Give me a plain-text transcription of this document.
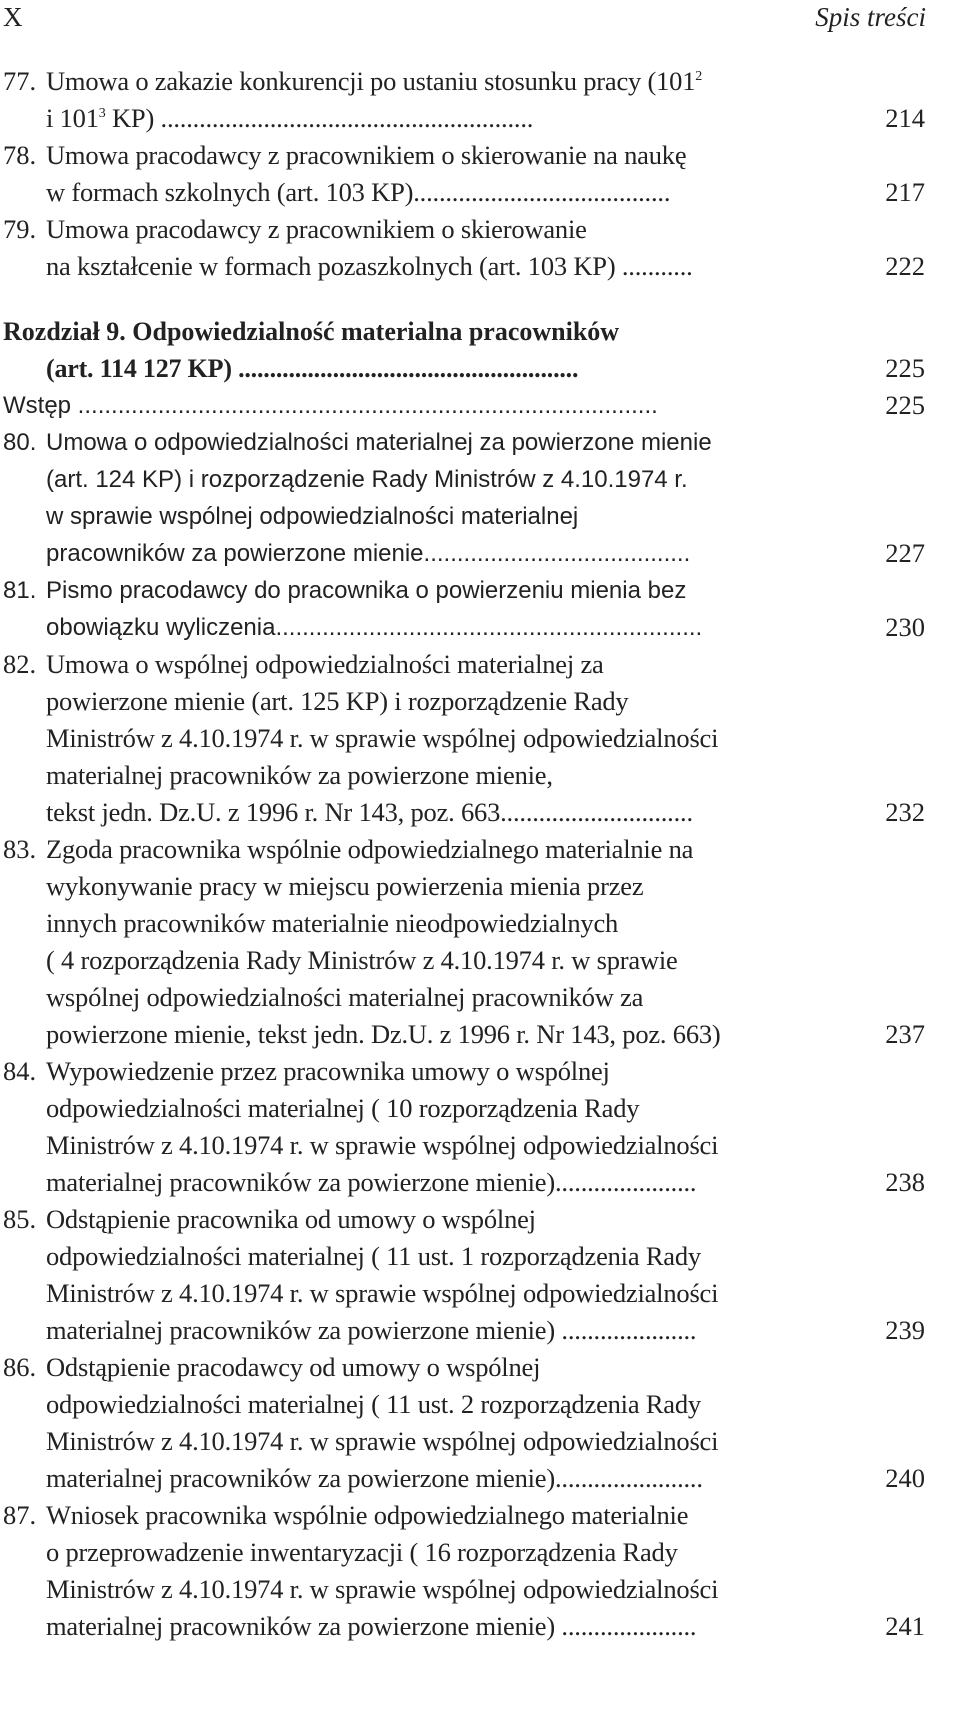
X	Spis treści
77. Umowa o zakazie konkurencji po ustaniu stosunku pracy ($101^2$
i $101^3$ KP) ..........................................................	214
78. Umowa pracodawcy z pracownikiem o skierowanie na naukę
w formach szkolnych (art. 103 KP)........................................	217
79. Umowa pracodawcy z pracownikiem o skierowanie
na kształcenie w formach pozaszkolnych (art. 103 KP) ...........	222
Rozdział 9. Odpowiedzialność materialna pracowników
(art. 114 127 KP) ......................................................	225
Wstęp .......................................................................................	225
80. Umowa o odpowiedzialności materialnej za powierzone mienie
(art. 124 KP) i rozporządzenie Rady Ministrów z 4.10.1974 r.
w sprawie wspólnej odpowiedzialności materialnej
pracowników za powierzone mienie........................................	227
81. Pismo pracodawcy do pracownika o powierzeniu mienia bez
obowiązku wyliczenia................................................................	230
82. Umowa o wspólnej odpowiedzialności materialnej za
powierzone mienie (art. 125 KP) i rozporządzenie Rady
Ministrów z 4.10.1974 r. w sprawie wspólnej odpowiedzialności
materialnej pracowników za powierzone mienie,
tekst jedn. Dz.U. z 1996 r. Nr 143, poz. 663..............................	232
83. Zgoda pracownika wspólnie odpowiedzialnego materialnie na
wykonywanie pracy w miejscu powierzenia mienia przez
innych pracowników materialnie nieodpowiedzialnych
( 4 rozporządzenia Rady Ministrów z 4.10.1974 r. w sprawie
wspólnej odpowiedzialności materialnej pracowników za
powierzone mienie, tekst jedn. Dz.U. z 1996 r. Nr 143, poz. 663)	237
84. Wypowiedzenie przez pracownika umowy o wspólnej
odpowiedzialności materialnej ( 10 rozporządzenia Rady
Ministrów z 4.10.1974 r. w sprawie wspólnej odpowiedzialności
materialnej pracowników za powierzone mienie)......................	238
85. Odstąpienie pracownika od umowy o wspólnej
odpowiedzialności materialnej ( 11 ust. 1 rozporządzenia Rady
Ministrów z 4.10.1974 r. w sprawie wspólnej odpowiedzialności
materialnej pracowników za powierzone mienie) .....................	239
86. Odstąpienie pracodawcy od umowy o wspólnej
odpowiedzialności materialnej ( 11 ust. 2 rozporządzenia Rady
Ministrów z 4.10.1974 r. w sprawie wspólnej odpowiedzialności
materialnej pracowników za powierzone mienie).......................	240
87. Wniosek pracownika wspólnie odpowiedzialnego materialnie
o przeprowadzenie inwentaryzacji ( 16 rozporządzenia Rady
Ministrów z 4.10.1974 r. w sprawie wspólnej odpowiedzialności
materialnej pracowników za powierzone mienie) .....................	241
